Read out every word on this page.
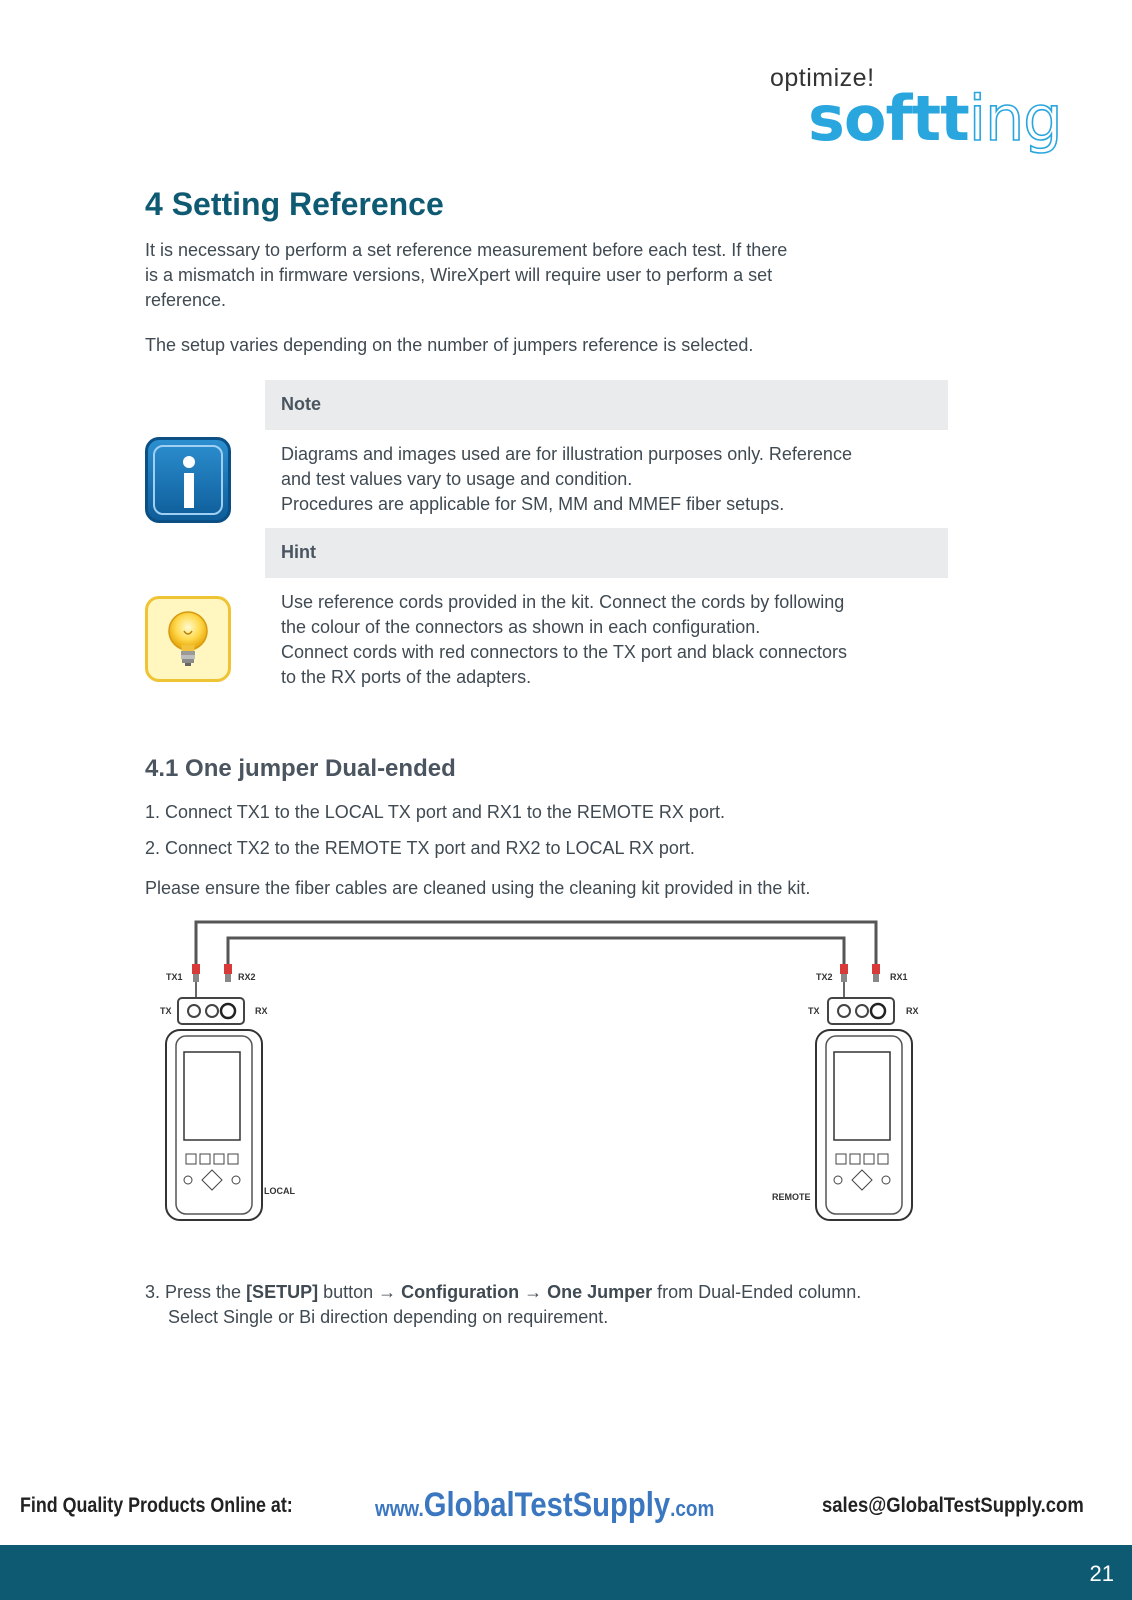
optimize!
softting
4 Setting Reference
It is necessary to perform a set reference measurement before each test. If there
is a mismatch in firmware versions, WireXpert will require user to perform a set
reference.
The setup varies depending on the number of jumpers reference is selected.
Note
Diagrams and images used are for illustration purposes only. Reference
and test values vary to usage and condition.
Procedures are applicable for SM, MM and MMEF fiber setups.
Hint
Use reference cords provided in the kit. Connect the cords by following
the colour of the connectors as shown in each configuration.
Connect cords with red connectors to the TX port and black connectors
to the RX ports of the adapters.
4.1 One jumper Dual-ended
1. Connect TX1 to the LOCAL TX port and RX1 to the REMOTE RX port.
2. Connect TX2 to the REMOTE TX port and RX2 to LOCAL RX port.
Please ensure the fiber cables are cleaned using the cleaning kit provided in the kit.
TX1	RX2
TX	RX
LOCAL
TX2	RX1
TX	RX
REMOTE
3. Press the [SETUP] button → Configuration → One Jumper from Dual-Ended column.
Select Single or Bi direction depending on requirement.
Find Quality Products Online at:	www.GlobalTestSupply.com	sales@GlobalTestSupply.com
21
